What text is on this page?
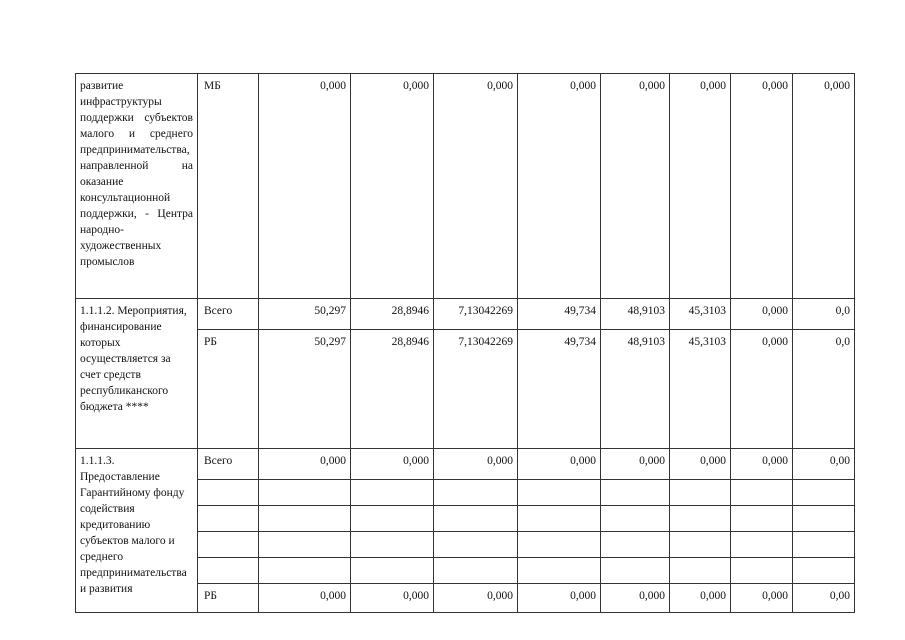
развитие инфраструктуры поддержки субъектов малого и среднего предпринимательства, направленной на оказание консультационной поддержки, - Центра народно-художественных промыслов	МБ	0,000	0,000	0,000	0,000	0,000	0,000	0,000	0,000
1.1.1.2. Мероприятия, финансирование которых осуществляется за счет средств республиканского бюджета ****	Всего	50,297	28,8946	7,13042269	49,734	48,9103	45,3103	0,000	0,0
	РБ	50,297	28,8946	7,13042269	49,734	48,9103	45,3103	0,000	0,0
1.1.1.3. Предоставление Гарантийному фонду содействия кредитованию субъектов малого и среднего предпринимательства и развития	Всего	0,000	0,000	0,000	0,000	0,000	0,000	0,000	0,00

	РБ	0,000	0,000	0,000	0,000	0,000	0,000	0,000	0,00
